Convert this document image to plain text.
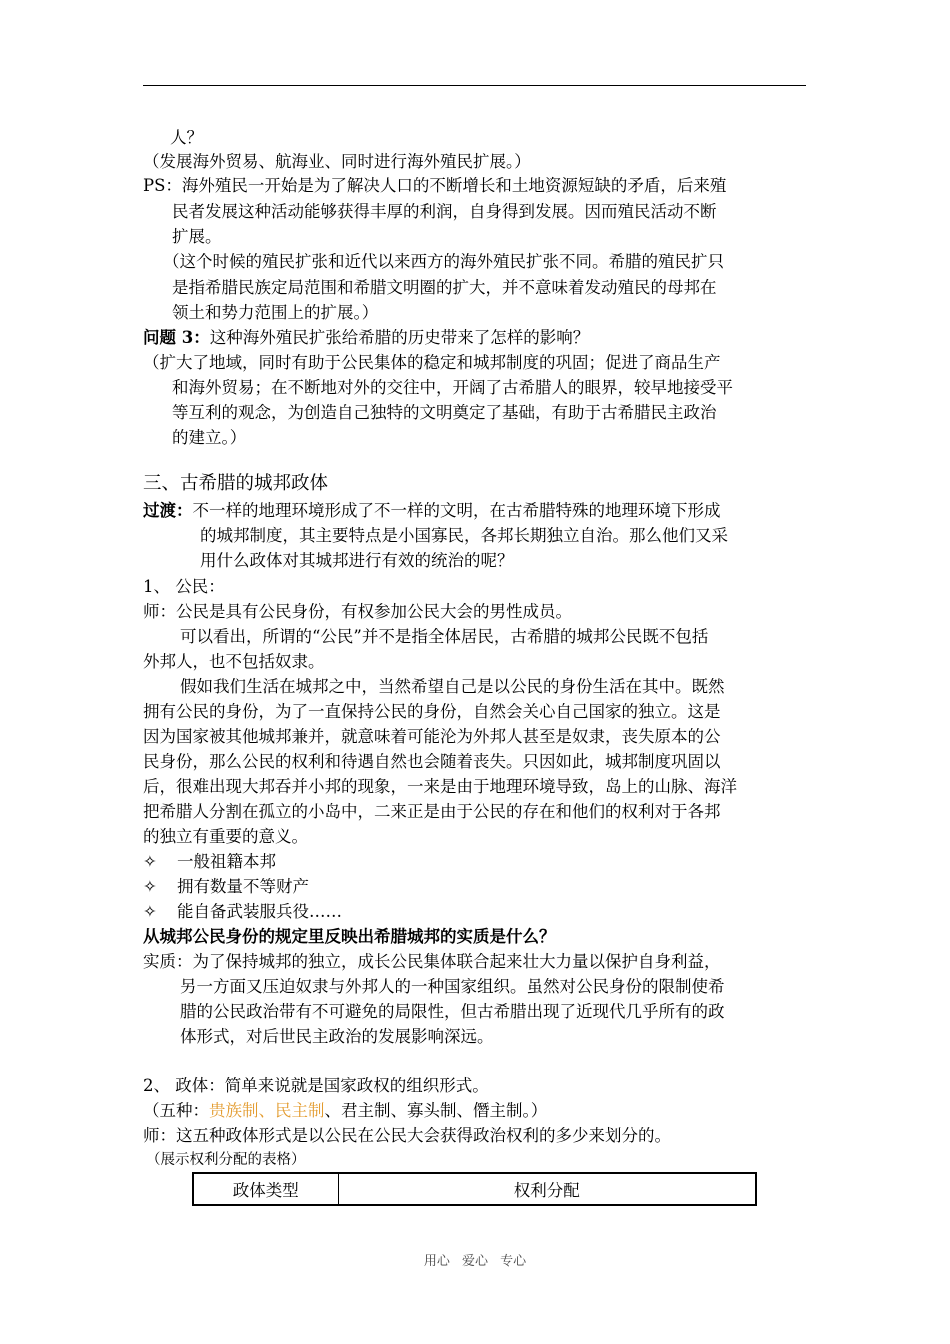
人？
（发展海外贸易、航海业、同时进行海外殖民扩展。）
PS：海外殖民一开始是为了解决人口的不断增长和土地资源短缺的矛盾，后来殖
民者发展这种活动能够获得丰厚的利润，自身得到发展。因而殖民活动不断
扩展。
（这个时候的殖民扩张和近代以来西方的海外殖民扩张不同。希腊的殖民扩只
是指希腊民族定局范围和希腊文明圈的扩大，并不意味着发动殖民的母邦在
领土和势力范围上的扩展。）
问题 3：这种海外殖民扩张给希腊的历史带来了怎样的影响？
（扩大了地域，同时有助于公民集体的稳定和城邦制度的巩固；促进了商品生产
和海外贸易；在不断地对外的交往中，开阔了古希腊人的眼界，较早地接受平
等互利的观念，为创造自己独特的文明奠定了基础，有助于古希腊民主政治
的建立。）
三、古希腊的城邦政体
过渡：不一样的地理环境形成了不一样的文明，在古希腊特殊的地理环境下形成
的城邦制度，其主要特点是小国寡民，各邦长期独立自治。那么他们又采
用什么政体对其城邦进行有效的统治的呢？
1、 公民：
师：公民是具有公民身份，有权参加公民大会的男性成员。
可以看出，所谓的“公民”并不是指全体居民，古希腊的城邦公民既不包括
外邦人，也不包括奴隶。
假如我们生活在城邦之中，当然希望自己是以公民的身份生活在其中。既然
拥有公民的身份，为了一直保持公民的身份，自然会关心自己国家的独立。这是
因为国家被其他城邦兼并，就意味着可能沦为外邦人甚至是奴隶，丧失原本的公
民身份，那么公民的权利和待遇自然也会随着丧失。只因如此，城邦制度巩固以
后，很难出现大邦吞并小邦的现象，一来是由于地理环境导致，岛上的山脉、海洋
把希腊人分割在孤立的小岛中，二来正是由于公民的存在和他们的权利对于各邦
的独立有重要的意义。
✧ 一般祖籍本邦
✧ 拥有数量不等财产
✧ 能自备武装服兵役……
从城邦公民身份的规定里反映出希腊城邦的实质是什么？
实质：为了保持城邦的独立，成长公民集体联合起来壮大力量以保护自身利益，
另一方面又压迫奴隶与外邦人的一种国家组织。虽然对公民身份的限制使希
腊的公民政治带有不可避免的局限性，但古希腊出现了近现代几乎所有的政
体形式，对后世民主政治的发展影响深远。
2、 政体：简单来说就是国家政权的组织形式。
（五种：贵族制、民主制、君主制、寡头制、僭主制。）
师：这五种政体形式是以公民在公民大会获得政治权利的多少来划分的。
（展示权利分配的表格）
政体类型	权利分配
用心 爱心 专心
